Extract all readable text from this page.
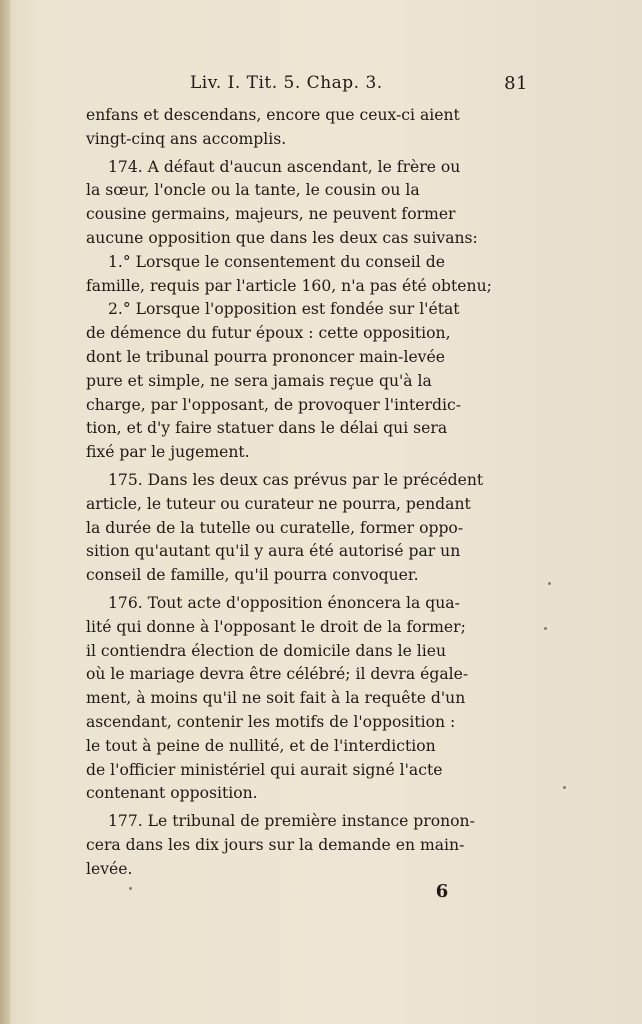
Liv. I. Tit. 5. Chap. 3.	81
enfans et descendans, encore que ceux-ci aient
vingt-cinq ans accomplis.
174. A défaut d'aucun ascendant, le frère ou
la sœur, l'oncle ou la tante, le cousin ou la
cousine germains, majeurs, ne peuvent former
aucune opposition que dans les deux cas suivans:
1.° Lorsque le consentement du conseil de
famille, requis par l'article 160, n'a pas été obtenu;
2.° Lorsque l'opposition est fondée sur l'état
de démence du futur époux : cette opposition,
dont le tribunal pourra prononcer main-levée
pure et simple, ne sera jamais reçue qu'à la
charge, par l'opposant, de provoquer l'interdic-
tion, et d'y faire statuer dans le délai qui sera
fixé par le jugement.
175. Dans les deux cas prévus par le précédent
article, le tuteur ou curateur ne pourra, pendant
la durée de la tutelle ou curatelle, former oppo-
sition qu'autant qu'il y aura été autorisé par un
conseil de famille, qu'il pourra convoquer.
176. Tout acte d'opposition énoncera la qua-
lité qui donne à l'opposant le droit de la former;
il contiendra élection de domicile dans le lieu
où le mariage devra être célébré; il devra égale-
ment, à moins qu'il ne soit fait à la requête d'un
ascendant, contenir les motifs de l'opposition :
le tout à peine de nullité, et de l'interdiction
de l'officier ministériel qui aurait signé l'acte
contenant opposition.
177. Le tribunal de première instance pronon-
cera dans les dix jours sur la demande en main-
levée.
6
